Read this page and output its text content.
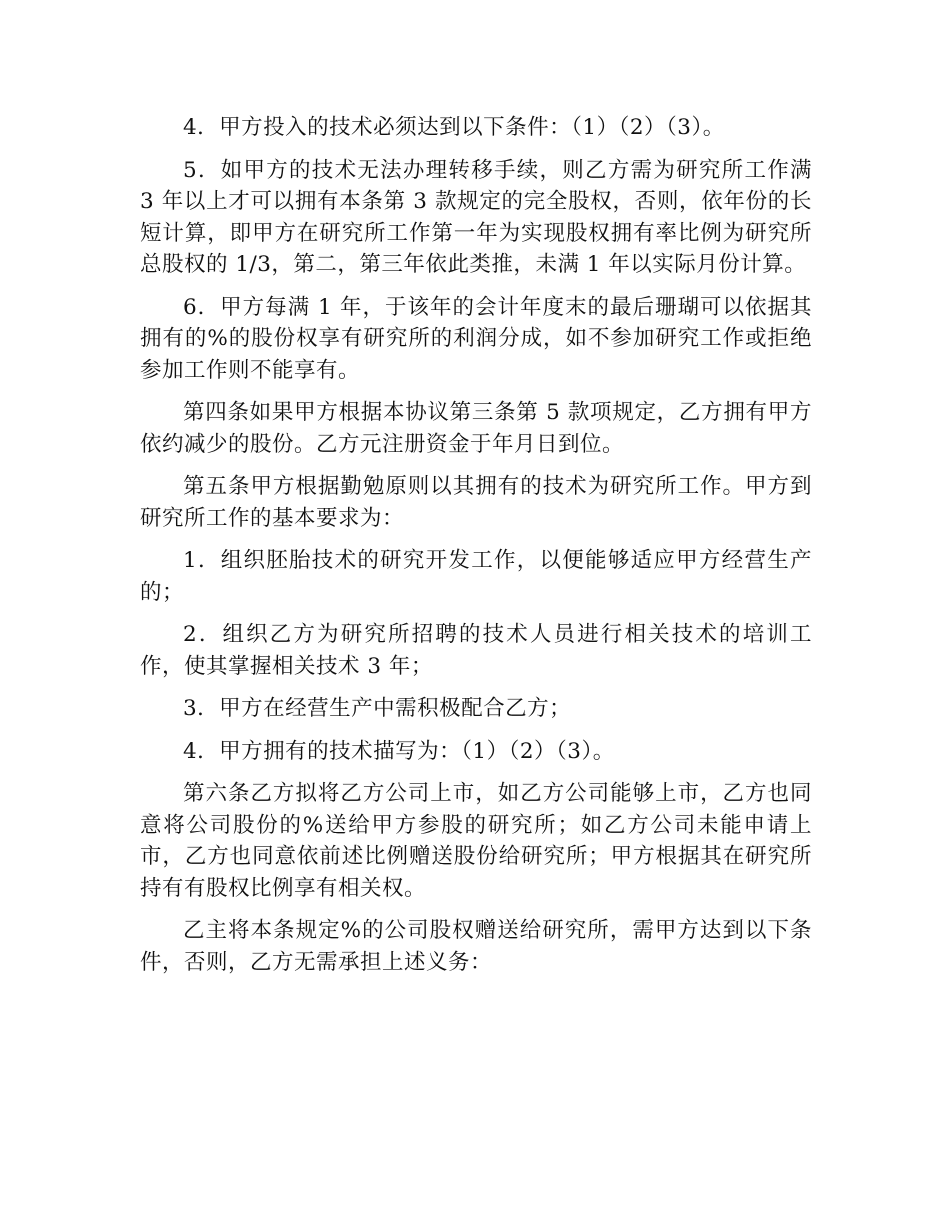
4．甲方投入的技术必须达到以下条件：（1）（2）（3）。

5．如甲方的技术无法办理转移手续，则乙方需为研究所工作满 3 年以上才可以拥有本条第 3 款规定的完全股权，否则，依年份的长短计算，即甲方在研究所工作第一年为实现股权拥有率比例为研究所总股权的 1/3，第二，第三年依此类推，未满 1 年以实际月份计算。

6．甲方每满 1 年，于该年的会计年度末的最后珊瑚可以依据其拥有的%的股份权享有研究所的利润分成，如不参加研究工作或拒绝参加工作则不能享有。

第四条如果甲方根据本协议第三条第 5 款项规定，乙方拥有甲方依约减少的股份。乙方元注册资金于年月日到位。

第五条甲方根据勤勉原则以其拥有的技术为研究所工作。甲方到研究所工作的基本要求为：

1．组织胚胎技术的研究开发工作，以便能够适应甲方经营生产的；

2．组织乙方为研究所招聘的技术人员进行相关技术的培训工作，使其掌握相关技术 3 年；

3．甲方在经营生产中需积极配合乙方；

4．甲方拥有的技术描写为：（1）（2）（3）。

第六条乙方拟将乙方公司上市，如乙方公司能够上市，乙方也同意将公司股份的%送给甲方参股的研究所；如乙方公司未能申请上市，乙方也同意依前述比例赠送股份给研究所；甲方根据其在研究所持有有股权比例享有相关权。

乙主将本条规定%的公司股权赠送给研究所，需甲方达到以下条件，否则，乙方无需承担上述义务：
